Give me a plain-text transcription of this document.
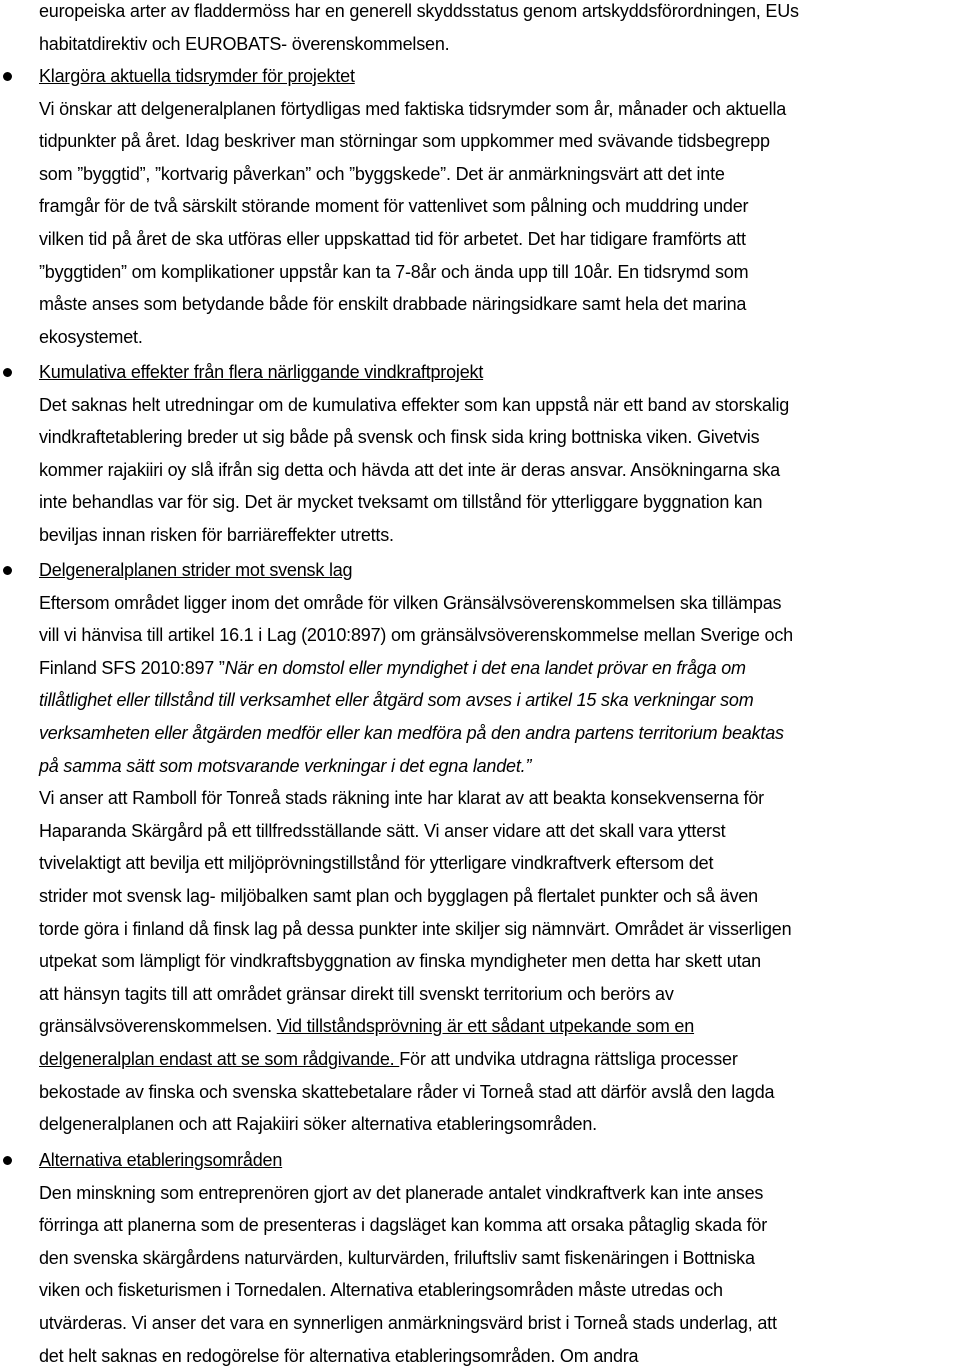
europeiska arter av fladdermöss har en generell skyddsstatus genom artskyddsförordningen, EUs
habitatdirektiv och EUROBATS- överenskommelsen.

Klargöra aktuella tidsrymder för projektet
Vi önskar att delgeneralplanen förtydligas med faktiska tidsrymder som år, månader och aktuella
tidpunkter på året. Idag beskriver man störningar som uppkommer med svävande tidsbegrepp
som ”byggtid”, ”kortvarig påverkan” och ”byggskede”. Det är anmärkningsvärt att det inte
framgår för de två särskilt störande moment för vattenlivet som pålning och muddring under
vilken tid på året de ska utföras eller uppskattad tid för arbetet. Det har tidigare framförts att
”byggtiden” om komplikationer uppstår kan ta 7-8år och ända upp till 10år. En tidsrymd som
måste anses som betydande både för enskilt drabbade näringsidkare samt hela det marina
ekosystemet.

Kumulativa effekter från flera närliggande vindkraftprojekt
Det saknas helt utredningar om de kumulativa effekter som kan uppstå när ett band av storskalig
vindkraftetablering breder ut sig både på svensk och finsk sida kring bottniska viken. Givetvis
kommer rajakiiri oy slå ifrån sig detta och hävda att det inte är deras ansvar. Ansökningarna ska
inte behandlas var för sig. Det är mycket tveksamt om tillstånd för ytterliggare byggnation kan
beviljas innan risken för barriäreffekter utretts.

Delgeneralplanen strider mot svensk lag
Eftersom området ligger inom det område för vilken Gränsälvsöverenskommelsen ska tillämpas
vill vi hänvisa till artikel 16.1 i Lag (2010:897) om gränsälvsöverenskommelse mellan Sverige och
Finland SFS 2010:897 ”När en domstol eller myndighet i det ena landet prövar en fråga om
tillåtlighet eller tillstånd till verksamhet eller åtgärd som avses i artikel 15 ska verkningar som
verksamheten eller åtgärden medför eller kan medföra på den andra partens territorium beaktas
på samma sätt som motsvarande verkningar i det egna landet.”
Vi anser att Ramboll för Tonreå stads räkning inte har klarat av att beakta konsekvenserna för
Haparanda Skärgård på ett tillfredsställande sätt. Vi anser vidare att det skall vara ytterst
tvivelaktigt att bevilja ett miljöprövningstillstånd för ytterligare vindkraftverk eftersom det
strider mot svensk lag- miljöbalken samt plan och bygglagen på flertalet punkter och så även
torde göra i finland då finsk lag på dessa punkter inte skiljer sig nämnvärt. Området är visserligen
utpekat som lämpligt för vindkraftsbyggnation av finska myndigheter men detta har skett utan
att hänsyn tagits till att området gränsar direkt till svenskt territorium och berörs av
gränsälvsöverenskommelsen. Vid tillståndsprövning är ett sådant utpekande som en
delgeneralplan endast att se som rådgivande. För att undvika utdragna rättsliga processer
bekostade av finska och svenska skattebetalare råder vi Torneå stad att därför avslå den lagda
delgeneralplanen och att Rajakiiri söker alternativa etableringsområden.

Alternativa etableringsområden
Den minskning som entreprenören gjort av det planerade antalet vindkraftverk kan inte anses
förringa att planerna som de presenteras i dagsläget kan komma att orsaka påtaglig skada för
den svenska skärgårdens naturvärden, kulturvärden, friluftsliv samt fiskenäringen i Bottniska
viken och fisketurismen i Tornedalen. Alternativa etableringsområden måste utredas och
utvärderas. Vi anser det vara en synnerligen anmärkningsvärd brist i Torneå stads underlag, att
det helt saknas en redogörelse för alternativa etableringsområden. Om andra
